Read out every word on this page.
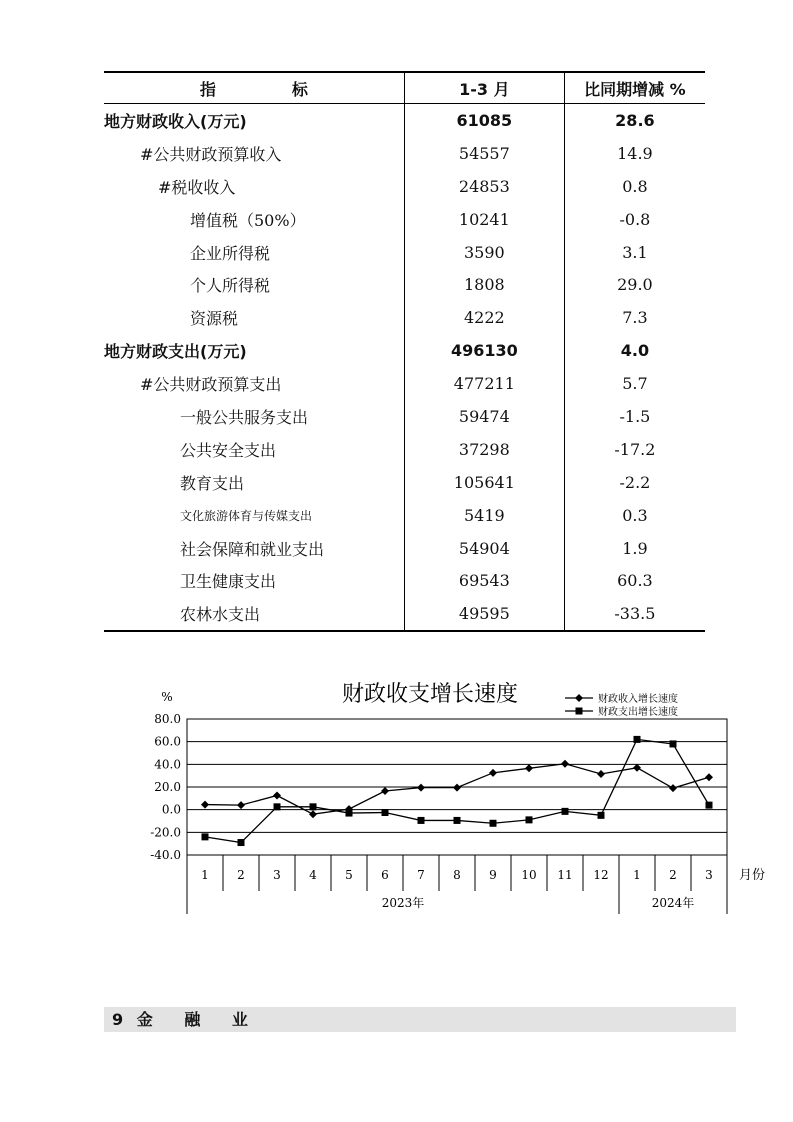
指 标	1-3 月	比同期增减 %
地方财政收入(万元)	61085	28.6
#公共财政预算收入	54557	14.9
#税收收入	24853	0.8
增值税（50%）	10241	-0.8
企业所得税	3590	3.1
个人所得税	1808	29.0
资源税	4222	7.3
地方财政支出(万元)	496130	4.0
#公共财政预算支出	477211	5.7
一般公共服务支出	59474	-1.5
公共安全支出	37298	-17.2
教育支出	105641	-2.2
文化旅游体育与传媒支出	5419	0.3
社会保障和就业支出	54904	1.9
卫生健康支出	69543	60.3
农林水支出	49595	-33.5
80.0
60.0
40.0
20.0
0.0
-20.0
-40.0
1 2 3 4 5 6 7 8 9 10 11 12 1 2 3
2023年	2024年
%
月份
财政收支增长速度	财政收入增长速度
财政支出增长速度
9 金 融 业
